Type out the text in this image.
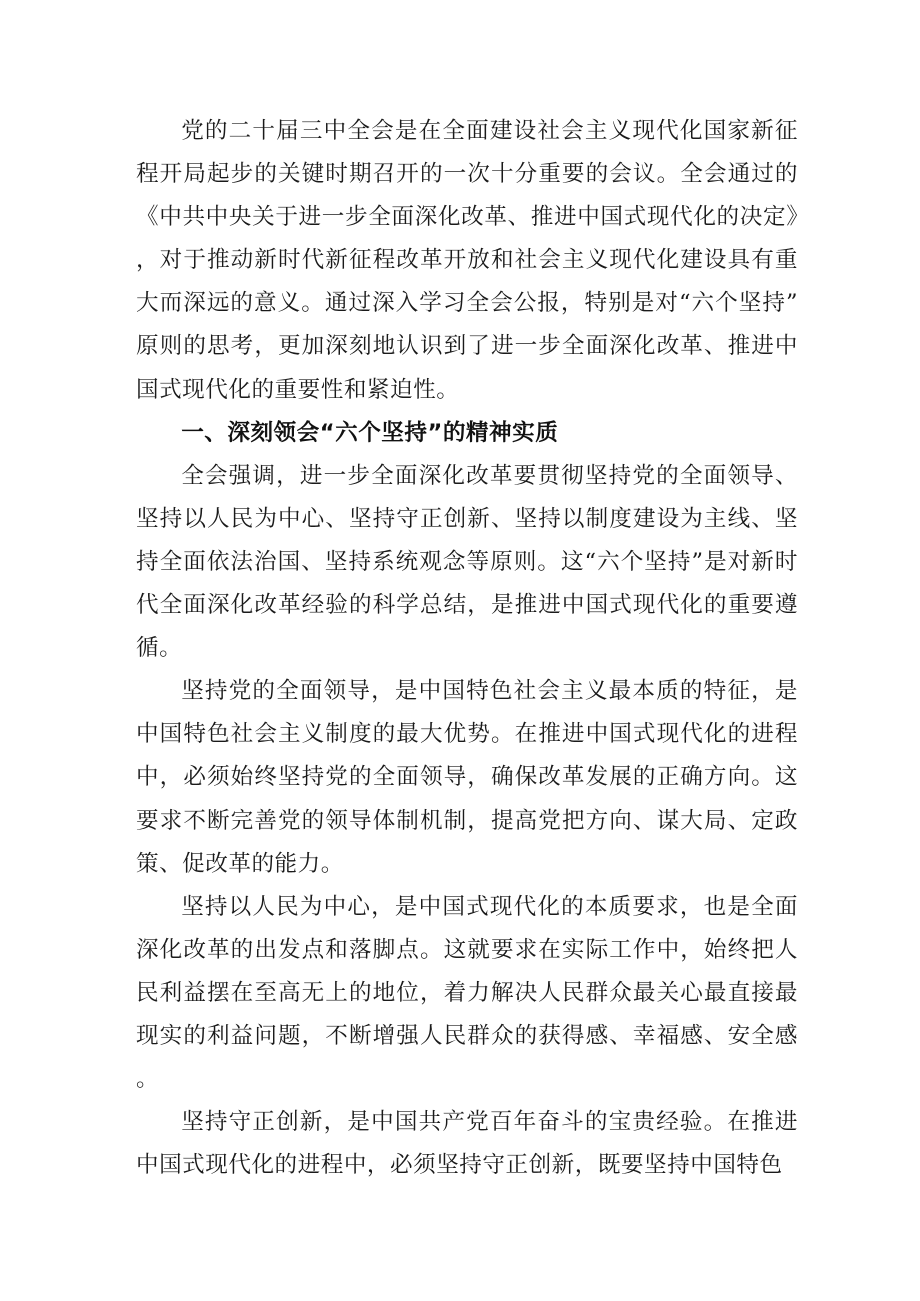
党的二十届三中全会是在全面建设社会主义现代化国家新征程开局起步的关键时期召开的一次十分重要的会议。全会通过的《中共中央关于进一步全面深化改革、推进中国式现代化的决定》，对于推动新时代新征程改革开放和社会主义现代化建设具有重大而深远的意义。通过深入学习全会公报，特别是对“六个坚持”原则的思考，更加深刻地认识到了进一步全面深化改革、推进中国式现代化的重要性和紧迫性。

一、深刻领会“六个坚持”的精神实质

全会强调，进一步全面深化改革要贯彻坚持党的全面领导、坚持以人民为中心、坚持守正创新、坚持以制度建设为主线、坚持全面依法治国、坚持系统观念等原则。这“六个坚持”是对新时代全面深化改革经验的科学总结，是推进中国式现代化的重要遵循。

坚持党的全面领导，是中国特色社会主义最本质的特征，是中国特色社会主义制度的最大优势。在推进中国式现代化的进程中，必须始终坚持党的全面领导，确保改革发展的正确方向。这要求不断完善党的领导体制机制，提高党把方向、谋大局、定政策、促改革的能力。

坚持以人民为中心，是中国式现代化的本质要求，也是全面深化改革的出发点和落脚点。这就要求在实际工作中，始终把人民利益摆在至高无上的地位，着力解决人民群众最关心最直接最现实的利益问题，不断增强人民群众的获得感、幸福感、安全感。

坚持守正创新，是中国共产党百年奋斗的宝贵经验。在推进中国式现代化的进程中，必须坚持守正创新，既要坚持中国特色
